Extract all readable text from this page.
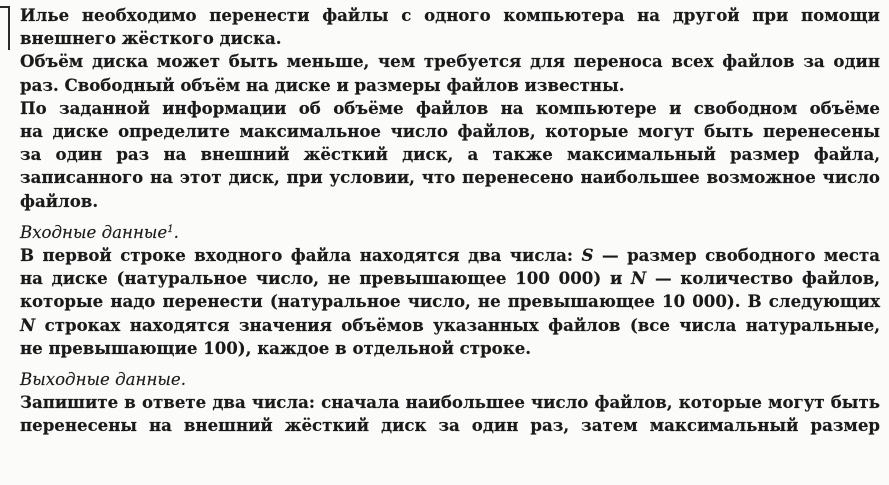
Илье необходимо перенести файлы с одного компьютера на другой при помощи
внешнего жёсткого диска.
Объём диска может быть меньше, чем требуется для переноса всех файлов за один
раз. Свободный объём на диске и размеры файлов известны.
По заданной информации об объёме файлов на компьютере и свободном объёме
на диске определите максимальное число файлов, которые могут быть перенесены
за один раз на внешний жёсткий диск, а также максимальный размер файла,
записанного на этот диск, при условии, что перенесено наибольшее возможное число
файлов.
Входные данные$^1$.
В первой строке входного файла находятся два числа: S — размер свободного места
на диске (натуральное число, не превышающее 100 000) и N — количество файлов,
которые надо перенести (натуральное число, не превышающее 10 000). В следующих
N строках находятся значения объёмов указанных файлов (все числа натуральные,
не превышающие 100), каждое в отдельной строке.
Выходные данные.
Запишите в ответе два числа: сначала наибольшее число файлов, которые могут быть
перенесены на внешний жёсткий диск за один раз, затем максимальный размер
